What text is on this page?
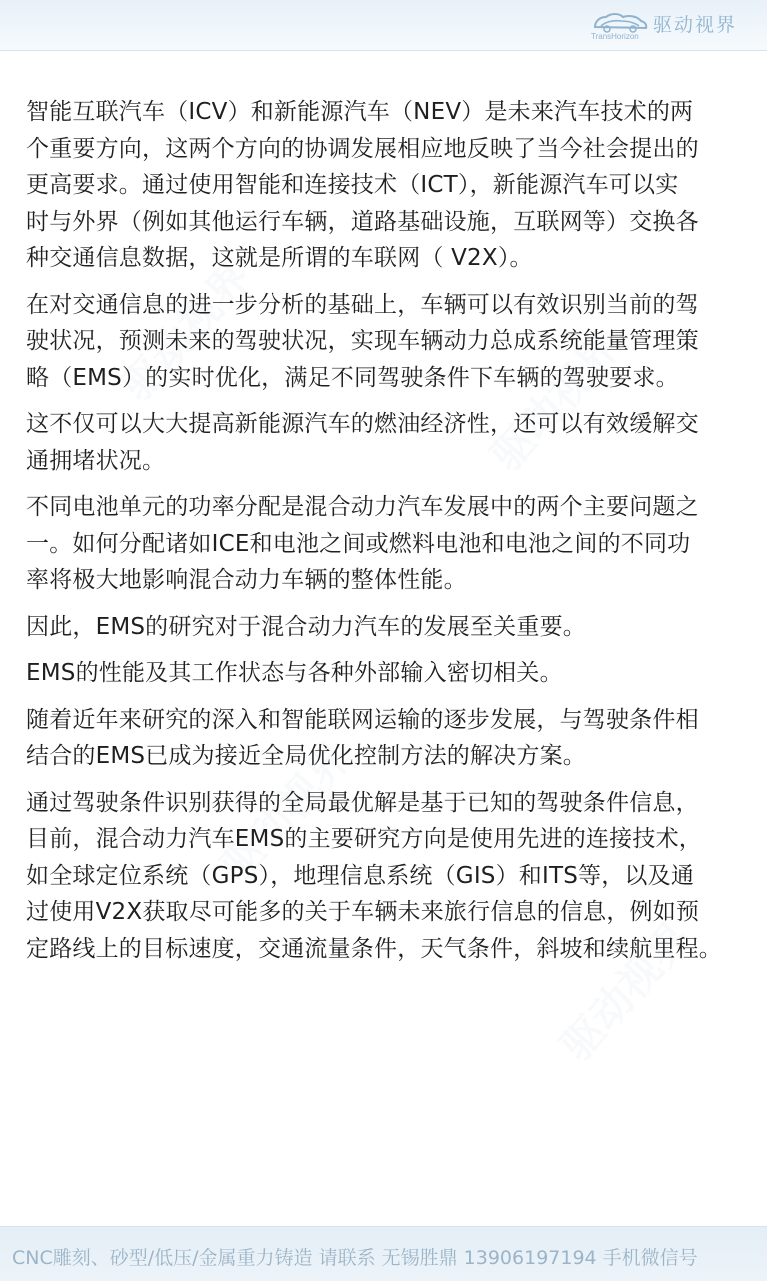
驱动视界
TransHorizon
驱动视界	驱动视界
驱动视界
驱动视界

智能互联汽车（ICV）和新能源汽车（NEV）是未来汽车技术的两
个重要方向，这两个方向的协调发展相应地反映了当今社会提出的
更高要求。通过使用智能和连接技术（ICT），新能源汽车可以实
时与外界（例如其他运行车辆，道路基础设施，互联网等）交换各
种交通信息数据，这就是所谓的车联网（ V2X）。

在对交通信息的进一步分析的基础上，车辆可以有效识别当前的驾
驶状况，预测未来的驾驶状况，实现车辆动力总成系统能量管理策
略（EMS）的实时优化，满足不同驾驶条件下车辆的驾驶要求。

这不仅可以大大提高新能源汽车的燃油经济性，还可以有效缓解交
通拥堵状况。

不同电池单元的功率分配是混合动力汽车发展中的两个主要问题之
一。如何分配诸如ICE和电池之间或燃料电池和电池之间的不同功
率将极大地影响混合动力车辆的整体性能。

因此，EMS的研究对于混合动力汽车的发展至关重要。

EMS的性能及其工作状态与各种外部输入密切相关。

随着近年来研究的深入和智能联网运输的逐步发展，与驾驶条件相
结合的EMS已成为接近全局优化控制方法的解决方案。

通过驾驶条件识别获得的全局最优解是基于已知的驾驶条件信息，
目前，混合动力汽车EMS的主要研究方向是使用先进的连接技术，
如全球定位系统（GPS），地理信息系统（GIS）和ITS等，以及通
过使用V2X获取尽可能多的关于车辆未来旅行信息的信息，例如预
定路线上的目标速度，交通流量条件，天气条件，斜坡和续航里程。

CNC雕刻、砂型/低压/金属重力铸造 请联系 无锡胜鼎 13906197194 手机微信号
